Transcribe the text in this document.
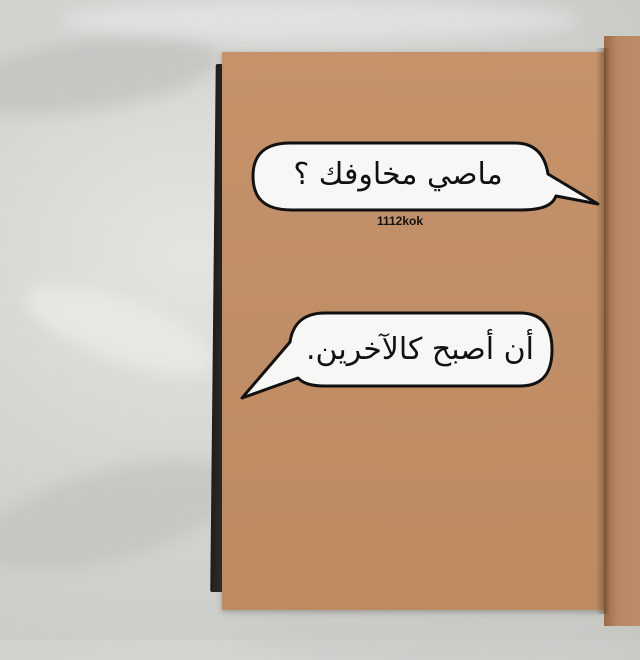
ماصي مخاوفك ؟
1112kok
أن أصبح كالآخرين.
